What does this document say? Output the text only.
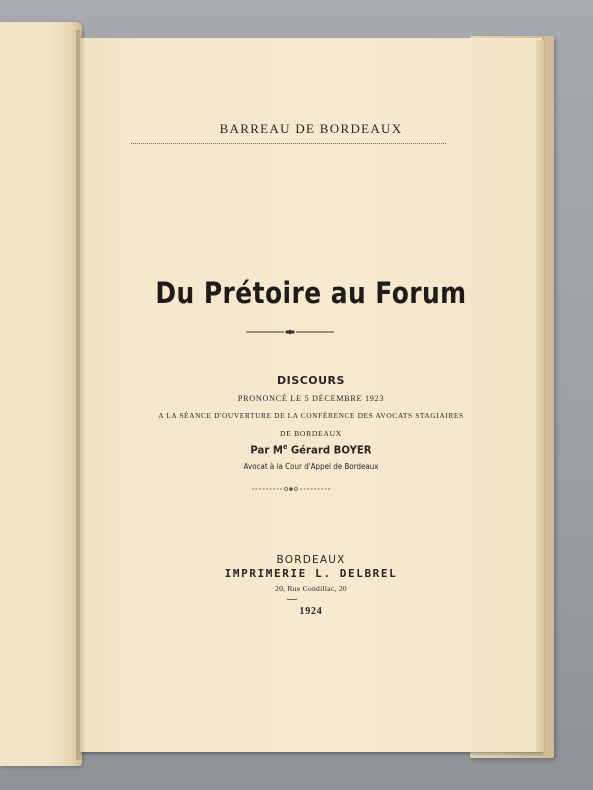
BARREAU DE BORDEAUX
Du Prétoire au Forum
DISCOURS
PRONONCÉ LE 5 DÉCEMBRE 1923
A LA SÉANCE D'OUVERTURE DE LA CONFÉRENCE DES AVOCATS STAGIAIRES
DE BORDEAUX
Par Me Gérard BOYER
Avocat à la Cour d'Appel de Bordeaux
BORDEAUX
IMPRIMERIE L. DELBREL
20, Rue Condillac, 20
1924
